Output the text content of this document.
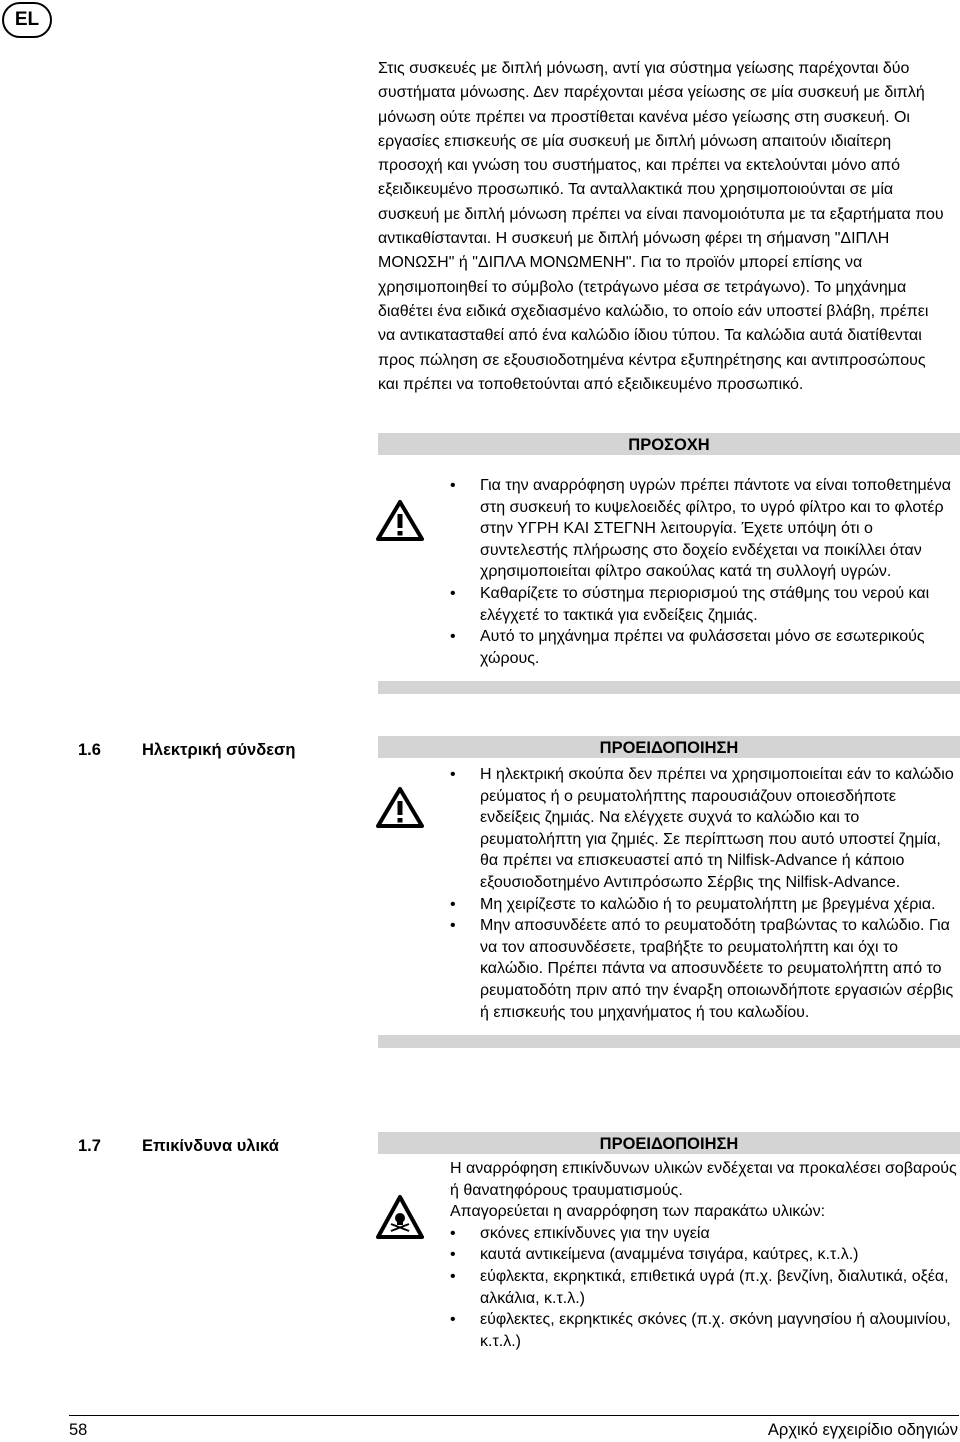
EL

Στις συσκευές με διπλή μόνωση, αντί για σύστημα γείωσης παρέχονται δύο συστήματα μόνωσης. Δεν παρέχονται μέσα γείωσης σε μία συσκευή με διπλή μόνωση ούτε πρέπει να προστίθεται κανένα μέσο γείωσης στη συσκευή. Οι εργασίες επισκευής σε μία συσκευή με διπλή μόνωση απαιτούν ιδιαίτερη προσοχή και γνώση του συστήματος, και πρέπει να εκτελούνται μόνο από εξειδικευμένο προσωπικό. Τα ανταλλακτικά που χρησιμοποιούνται σε μία συσκευή με διπλή μόνωση πρέπει να είναι πανομοιότυπα με τα εξαρτήματα που αντικαθίστανται. Η συσκευή με διπλή μόνωση φέρει τη σήμανση "ΔΙΠΛΗ ΜΟΝΩΣΗ" ή "ΔΙΠΛΑ ΜΟΝΩΜΕΝΗ". Για το προϊόν μπορεί επίσης να χρησιμοποιηθεί το σύμβολο (τετράγωνο μέσα σε τετράγωνο). Το μηχάνημα διαθέτει ένα ειδικά σχεδιασμένο καλώδιο, το οποίο εάν υποστεί βλάβη, πρέπει να αντικατασταθεί από ένα καλώδιο ίδιου τύπου. Τα καλώδια αυτά διατίθενται προς πώληση σε εξουσιοδοτημένα κέντρα εξυπηρέτησης και αντιπροσώπους και πρέπει να τοποθετούνται από εξειδικευμένο προσωπικό.

ΠΡΟΣΟΧΗ
• Για την αναρρόφηση υγρών πρέπει πάντοτε να είναι τοποθετημένα στη συσκευή το κυψελοειδές φίλτρο, το υγρό φίλτρο και το φλοτέρ στην ΥΓΡΗ ΚΑΙ ΣΤΕΓΝΗ λειτουργία. Έχετε υπόψη ότι ο συντελεστής πλήρωσης στο δοχείο ενδέχεται να ποικίλλει όταν χρησιμοποιείται φίλτρο σακούλας κατά τη συλλογή υγρών.
• Καθαρίζετε το σύστημα περιορισμού της στάθμης του νερού και ελέγχετέ το τακτικά για ενδείξεις ζημιάς.
• Αυτό το μηχάνημα πρέπει να φυλάσσεται μόνο σε εσωτερικούς χώρους.
1.6 Ηλεκτρική σύνδεση	ΠΡΟΕΙΔΟΠΟΙΗΣΗ
• Η ηλεκτρική σκούπα δεν πρέπει να χρησιμοποιείται εάν το καλώδιο ρεύματος ή ο ρευματολήπτης παρουσιάζουν οποιεσδήποτε ενδείξεις ζημιάς. Να ελέγχετε συχνά το καλώδιο και το ρευματολήπτη για ζημιές. Σε περίπτωση που αυτό υποστεί ζημία, θα πρέπει να επισκευαστεί από τη Nilfisk-Advance ή κάποιο εξουσιοδοτημένο Αντιπρόσωπο Σέρβις της Nilfisk-Advance.
• Μη χειρίζεστε το καλώδιο ή το ρευματολήπτη με βρεγμένα χέρια.
• Μην αποσυνδέετε από το ρευματοδότη τραβώντας το καλώδιο. Για να τον αποσυνδέσετε, τραβήξτε το ρευματολήπτη και όχι το καλώδιο. Πρέπει πάντα να αποσυνδέετε το ρευματολήπτη από το ρευματοδότη πριν από την έναρξη οποιωνδήποτε εργασιών σέρβις ή επισκευής του μηχανήματος ή του καλωδίου.
1.7 Επικίνδυνα υλικά	ΠΡΟΕΙΔΟΠΟΙΗΣΗ

Η αναρρόφηση επικίνδυνων υλικών ενδέχεται να προκαλέσει σοβαρούς ή θανατηφόρους τραυματισμούς.

Απαγορεύεται η αναρρόφηση των παρακάτω υλικών:

• σκόνες επικίνδυνες για την υγεία
• καυτά αντικείμενα (αναμμένα τσιγάρα, καύτρες, κ.τ.λ.)
• εύφλεκτα, εκρηκτικά, επιθετικά υγρά (π.χ. βενζίνη, διαλυτικά, οξέα, αλκάλια, κ.τ.λ.)
• εύφλεκτες, εκρηκτικές σκόνες (π.χ. σκόνη μαγνησίου ή αλουμινίου, κ.τ.λ.)
58	Αρχικό εγχειρίδιο οδηγιών
